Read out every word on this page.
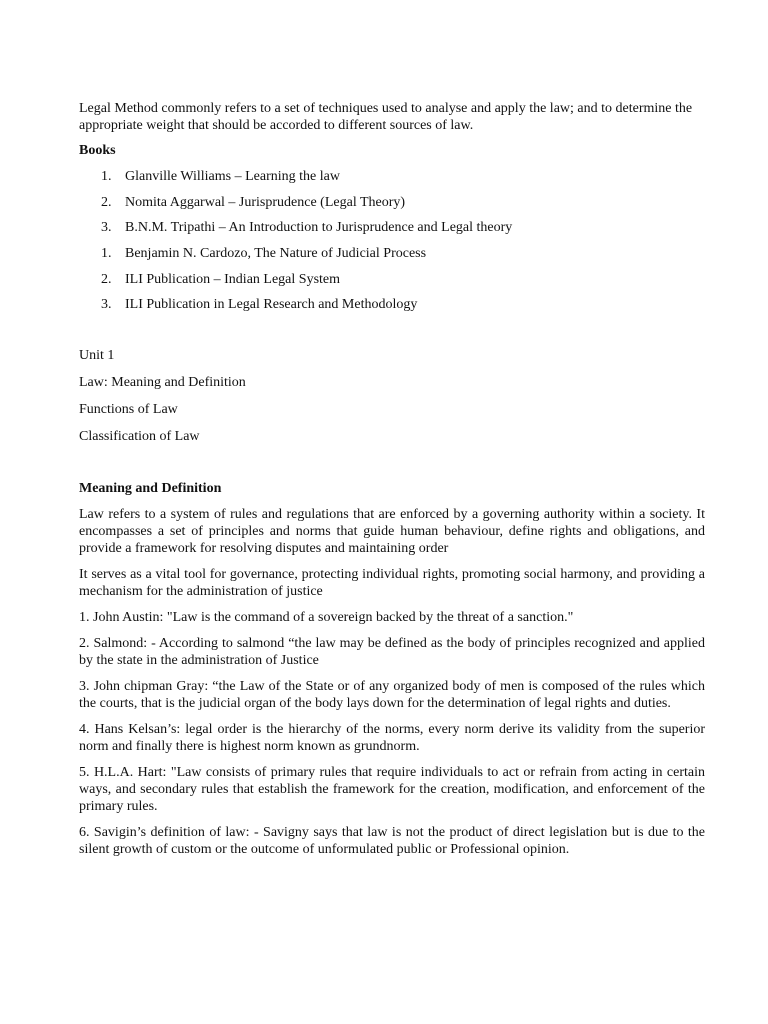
Legal Method commonly refers to a set of techniques used to analyse and apply the law; and to determine the appropriate weight that should be accorded to different sources of law.

Books

1. Glanville Williams – Learning the law
2. Nomita Aggarwal – Jurisprudence (Legal Theory)
3. B.N.M. Tripathi – An Introduction to Jurisprudence and Legal theory
1. Benjamin N. Cardozo, The Nature of Judicial Process
2. ILI Publication – Indian Legal System
3. ILI Publication in Legal Research and Methodology

Unit 1

Law: Meaning and Definition

Functions of Law

Classification of Law

Meaning and Definition

Law refers to a system of rules and regulations that are enforced by a governing authority within a society. It encompasses a set of principles and norms that guide human behaviour, define rights and obligations, and provide a framework for resolving disputes and maintaining order

It serves as a vital tool for governance, protecting individual rights, promoting social harmony, and providing a mechanism for the administration of justice

1. John Austin: "Law is the command of a sovereign backed by the threat of a sanction."

2. Salmond: - According to salmond “the law may be defined as the body of principles recognized and applied by the state in the administration of Justice

3. John chipman Gray: “the Law of the State or of any organized body of men is composed of the rules which the courts, that is the judicial organ of the body lays down for the determination of legal rights and duties.

4. Hans Kelsan’s: legal order is the hierarchy of the norms, every norm derive its validity from the superior norm and finally there is highest norm known as grundnorm.

5. H.L.A. Hart: "Law consists of primary rules that require individuals to act or refrain from acting in certain ways, and secondary rules that establish the framework for the creation, modification, and enforcement of the primary rules.

6. Savigin’s definition of law: - Savigny says that law is not the product of direct legislation but is due to the silent growth of custom or the outcome of unformulated public or Professional opinion.
